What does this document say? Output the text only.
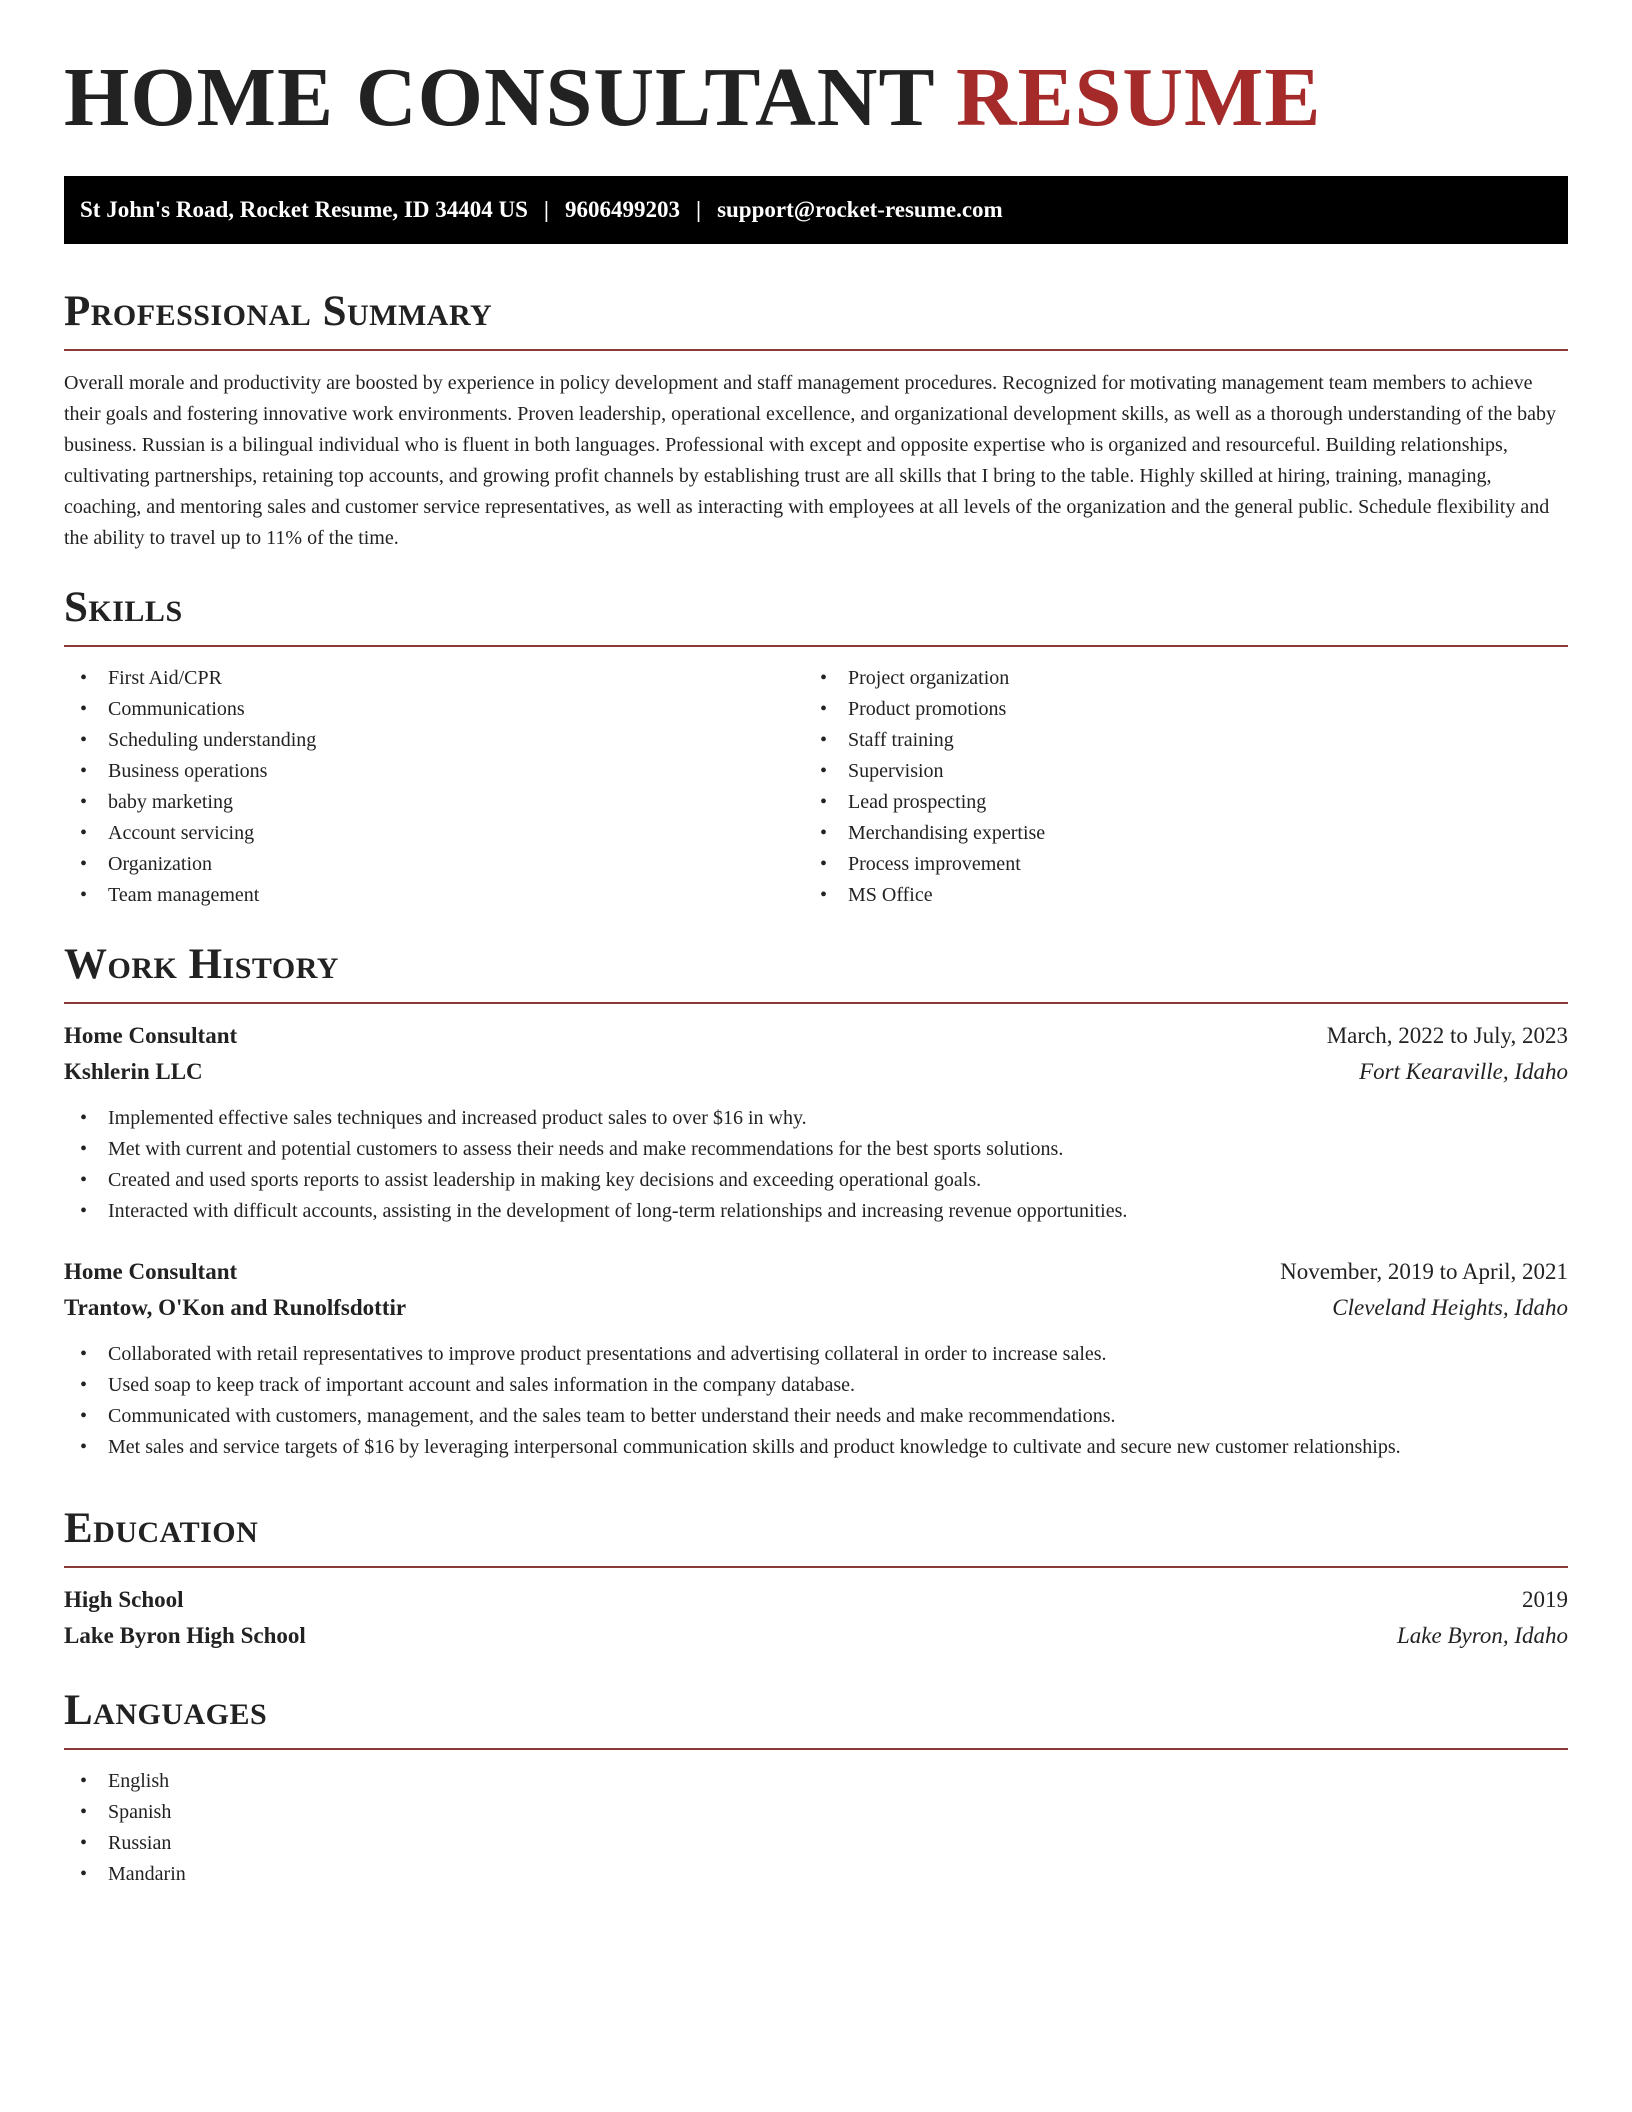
HOME CONSULTANT RESUME
St John's Road, Rocket Resume, ID 34404 US | 9606499203 | support@rocket-resume.com
Professional Summary

Overall morale and productivity are boosted by experience in policy development and staff management procedures. Recognized for motivating management team members to achieve their goals and fostering innovative work environments. Proven leadership, operational excellence, and organizational development skills, as well as a thorough understanding of the baby business. Russian is a bilingual individual who is fluent in both languages. Professional with except and opposite expertise who is organized and resourceful. Building relationships, cultivating partnerships, retaining top accounts, and growing profit channels by establishing trust are all skills that I bring to the table. Highly skilled at hiring, training, managing, coaching, and mentoring sales and customer service representatives, as well as interacting with employees at all levels of the organization and the general public. Schedule flexibility and the ability to travel up to 11% of the time.

Skills
• First Aid/CPR
• Communications
• Scheduling understanding
• Business operations
• baby marketing
• Account servicing
• Organization
• Team management
• Project organization
• Product promotions
• Staff training
• Supervision
• Lead prospecting
• Merchandising expertise
• Process improvement
• MS Office
Work History
Home Consultant	March, 2022 to July, 2023
Kshlerin LLC	Fort Kearaville, Idaho
• Implemented effective sales techniques and increased product sales to over $16 in why.
• Met with current and potential customers to assess their needs and make recommendations for the best sports solutions.
• Created and used sports reports to assist leadership in making key decisions and exceeding operational goals.
• Interacted with difficult accounts, assisting in the development of long-term relationships and increasing revenue opportunities.
Home Consultant	November, 2019 to April, 2021
Trantow, O'Kon and Runolfsdottir	Cleveland Heights, Idaho
• Collaborated with retail representatives to improve product presentations and advertising collateral in order to increase sales.
• Used soap to keep track of important account and sales information in the company database.
• Communicated with customers, management, and the sales team to better understand their needs and make recommendations.
• Met sales and service targets of $16 by leveraging interpersonal communication skills and product knowledge to cultivate and secure new customer relationships.
Education
High School	2019
Lake Byron High School	Lake Byron, Idaho
Languages
• English
• Spanish
• Russian
• Mandarin
